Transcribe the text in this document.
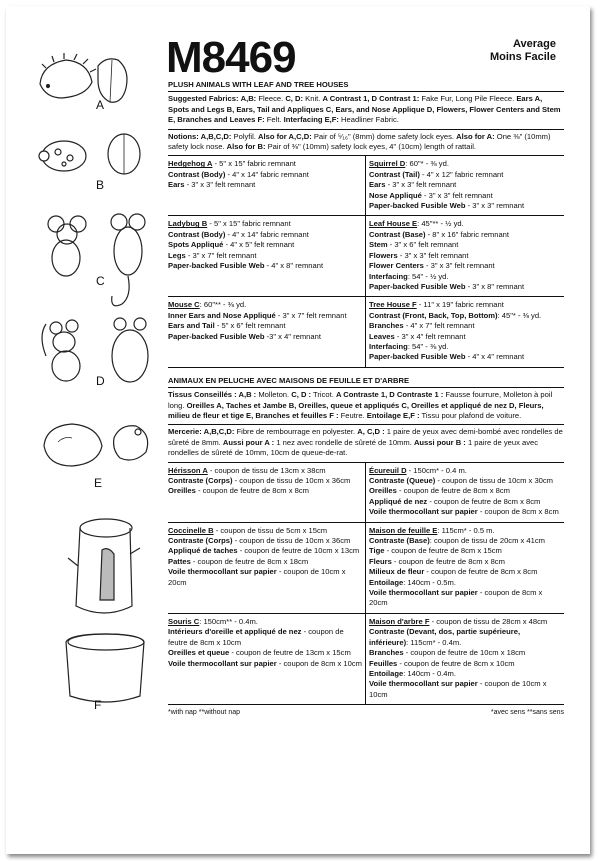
A
B
C
D
E
F
M8469	Average
Moins Facile
PLUSH ANIMALS WITH LEAF AND TREE HOUSES
Suggested Fabrics: A,B: Fleece. C, D: Knit. A Contrast 1, D Contrast 1: Fake Fur, Long Pile Fleece. Ears A, Spots and Legs B, Ears, Tail and Appliques C, Ears, and Nose Applique D, Flowers, Flower Centers and Stem E, Branches and Leaves F: Felt. Interfacing E,F: Headliner Fabric.
Notions: A,B,C,D: Polyfil. Also for A,C,D: Pair of ⁵⁄₁₆" (8mm) dome safety lock eyes. Also for A: One ⅜" (10mm) safety lock nose. Also for B: Pair of ⅜" (10mm) safety lock eyes, 4" (10cm) length of rattail.
Hedgehog A - 5" x 15" fabric remnant
Contrast (Body) - 4" x 14" fabric remnant
Ears - 3" x 3" felt remnant
Squirrel D: 60"* - ⅜ yd.
Contrast (Tail) - 4" x 12" fabric remnant
Ears - 3" x 3" felt remnant
Nose Appliqué - 3" x 3" felt remnant
Paper-backed Fusible Web - 3" x 3" remnant
Ladybug B - 5" x 15" fabric remnant
Contrast (Body) - 4" x 14" fabric remnant
Spots Appliqué - 4" x 5" felt remnant
Legs - 3" x 7" felt remnant
Paper-backed Fusible Web - 4" x 8" remnant
Leaf House E: 45"** - ½ yd.
Contrast (Base) - 8" x 16" fabric remnant
Stem - 3" x 6" felt remnant
Flowers - 3" x 3" felt remnant
Flower Centers - 3" x 3" felt remnant
Interfacing: 54" - ½ yd.
Paper-backed Fusible Web - 3" x 8" remnant
Mouse C: 60"** - ⅜ yd.
Inner Ears and Nose Appliqué - 3" x 7" felt remnant
Ears and Tail - 5" x 6" felt remnant
Paper-backed Fusible Web -3" x 4" remnant
Tree House F - 11" x 19" fabric remnant
Contrast (Front, Back, Top, Bottom): 45"* - ⅜ yd.
Branches - 4" x 7" felt remnant
Leaves - 3" x 4" felt remnant
Interfacing: 54" - ⅜ yd.
Paper-backed Fusible Web - 4" x 4" remnant
ANIMAUX EN PELUCHE AVEC MAISONS DE FEUILLE ET D'ARBRE
Tissus Conseillés : A,B : Molleton. C, D : Tricot. A Contraste 1, D Contraste 1 : Fausse fourrure, Molleton à poil long. Oreilles A, Taches et Jambe B, Oreilles, queue et appliqués C, Oreilles et appliqué de nez D, Fleurs, milieu de fleur et tige E, Branches et feuilles F : Feutre. Entoilage E,F : Tissu pour plafond de voiture.
Mercerie: A,B,C,D: Fibre de rembourrage en polyester. A, C,D : 1 paire de yeux avec demi-bombé avec rondelles de sûreté de 8mm. Aussi pour A : 1 nez avec rondelle de sûreté de 10mm. Aussi pour B : 1 paire de yeux avec rondelles de sûreté de 10mm, 10cm de queue-de-rat.
Hérisson A - coupon de tissu de 13cm x 38cm
Contraste (Corps) - coupon de tissu de 10cm x 36cm
Oreilles - coupon de feutre de 8cm x 8cm
Écureuil D - 150cm* - 0.4 m.
Contraste (Queue) - coupon de tissu de 10cm x 30cm
Oreilles - coupon de feutre de 8cm x 8cm
Appliqué de nez - coupon de feutre de 8cm x 8cm
Voile thermocollant sur papier - coupon de 8cm x 8cm
Coccinelle B - coupon de tissu de 5cm x 15cm
Contraste (Corps) - coupon de tissu de 10cm x 36cm
Appliqué de taches - coupon de feutre de 10cm x 13cm
Pattes - coupon de feutre de 8cm x 18cm
Voile thermocollant sur papier - coupon de 10cm x 20cm
Maison de feuille E: 115cm* - 0.5 m.
Contraste (Base): coupon de tissu de 20cm x 41cm
Tige - coupon de feutre de 8cm x 15cm
Fleurs - coupon de feutre de 8cm x 8cm
Milieux de fleur - coupon de feutre de 8cm x 8cm
Entoilage: 140cm - 0.5m.
Voile thermocollant sur papier - coupon de 8cm x 20cm
Souris C: 150cm** - 0.4m.
Intérieurs d'oreille et appliqué de nez - coupon de feutre de 8cm x 10cm
Oreilles et queue - coupon de feutre de 13cm x 15cm
Voile thermocollant sur papier - coupon de 8cm x 10cm
Maison d'arbre F - coupon de tissu de 28cm x 48cm
Contraste (Devant, dos, partie supérieure, inférieure): 115cm* - 0.4m.
Branches - coupon de feutre de 10cm x 18cm
Feuilles - coupon de feutre de 8cm x 10cm
Entoilage: 140cm - 0.4m.
Voile thermocollant sur papier - coupon de 10cm x 10cm
*with nap **without nap	*avec sens **sans sens
